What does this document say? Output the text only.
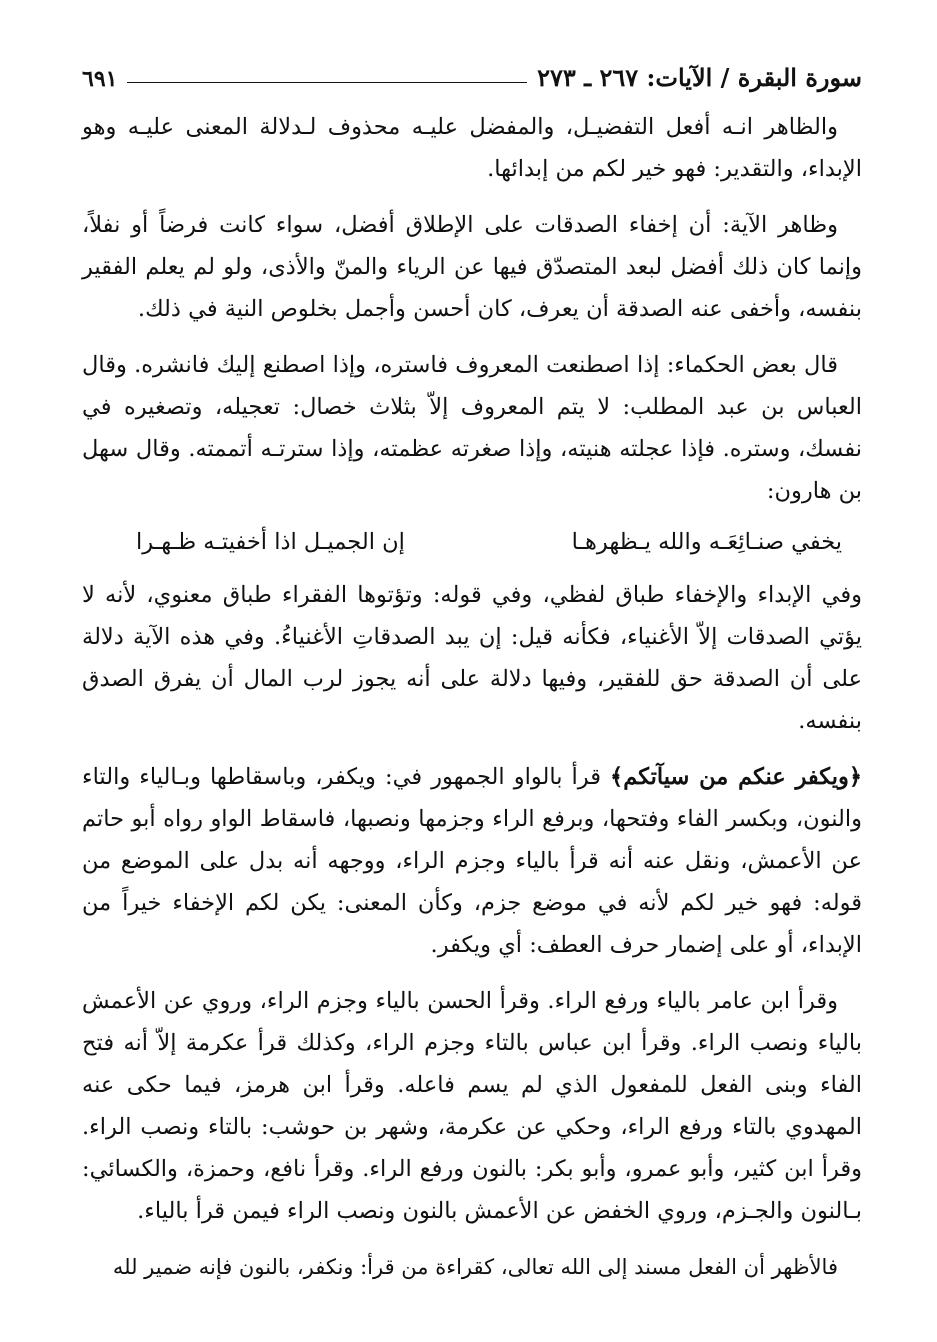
سورة البقرة / الآيات: ٢٦٧ ـ ٢٧٣
٦٩١

والظاهر انـه أفعل التفضيـل، والمفضل عليـه محذوف لـدلالة المعنى عليـه وهو الإبداء، والتقدير: فهو خير لكم من إبدائها.

وظاهر الآية: أن إخفاء الصدقات على الإطلاق أفضل، سواء كانت فرضاً أو نفلاً، وإنما كان ذلك أفضل لبعد المتصدّق فيها عن الرياء والمنّ والأذى، ولو لم يعلم الفقير بنفسه، وأخفى عنه الصدقة أن يعرف، كان أحسن وأجمل بخلوص النية في ذلك.

قال بعض الحكماء: إذا اصطنعت المعروف فاستره، وإذا اصطنع إليك فانشره. وقال العباس بن عبد المطلب: لا يتم المعروف إلاّ بثلاث خصال: تعجيله، وتصغيره في نفسك، وستره. فإذا عجلته هنيته، وإذا صغرته عظمته، وإذا سترتـه أتممته. وقال سهل بن هارون:

يخفي صنـائِعَـه والله يـظهرهـا
إن الجميـل اذا أخفيتـه ظـهـرا

وفي الإبداء والإخفاء طباق لفظي، وفي قوله: وتؤتوها الفقراء طباق معنوي، لأنه لا يؤتي الصدقات إلاّ الأغنياء، فكأنه قيل: إن يبد الصدقاتِ الأغنياءُ. وفي هذه الآية دلالة على أن الصدقة حق للفقير، وفيها دلالة على أنه يجوز لرب المال أن يفرق الصدق بنفسه.

﴿ويكفر عنكم من سيآتكم﴾ قرأ بالواو الجمهور في: ويكفر، وباسقاطها وبـالياء والتاء والنون، وبكسر الفاء وفتحها، وبرفع الراء وجزمها ونصبها، فاسقاط الواو رواه أبو حاتم عن الأعمش، ونقل عنه أنه قرأ بالياء وجزم الراء، ووجهه أنه بدل على الموضع من قوله: فهو خير لكم لأنه في موضع جزم، وكأن المعنى: يكن لكم الإخفاء خيراً من الإبداء، أو على إضمار حرف العطف: أي ويكفر.

وقرأ ابن عامر بالياء ورفع الراء. وقرأ الحسن بالياء وجزم الراء، وروي عن الأعمش بالياء ونصب الراء. وقرأ ابن عباس بالتاء وجزم الراء، وكذلك قرأ عكرمة إلاّ أنه فتح الفاء وبنى الفعل للمفعول الذي لم يسم فاعله. وقرأ ابن هرمز، فيما حكى عنه المهدوي بالتاء ورفع الراء، وحكي عن عكرمة، وشهر بن حوشب: بالتاء ونصب الراء. وقرأ ابن كثير، وأبو عمرو، وأبو بكر: بالنون ورفع الراء. وقرأ نافع، وحمزة، والكسائي: بـالنون والجـزم، وروي الخفض عن الأعمش بالنون ونصب الراء فيمن قرأ بالياء.

فالأظهر أن الفعل مسند إلى الله تعالى، كقراءة من قرأ: ونكفر، بالنون فإنه ضمير لله
